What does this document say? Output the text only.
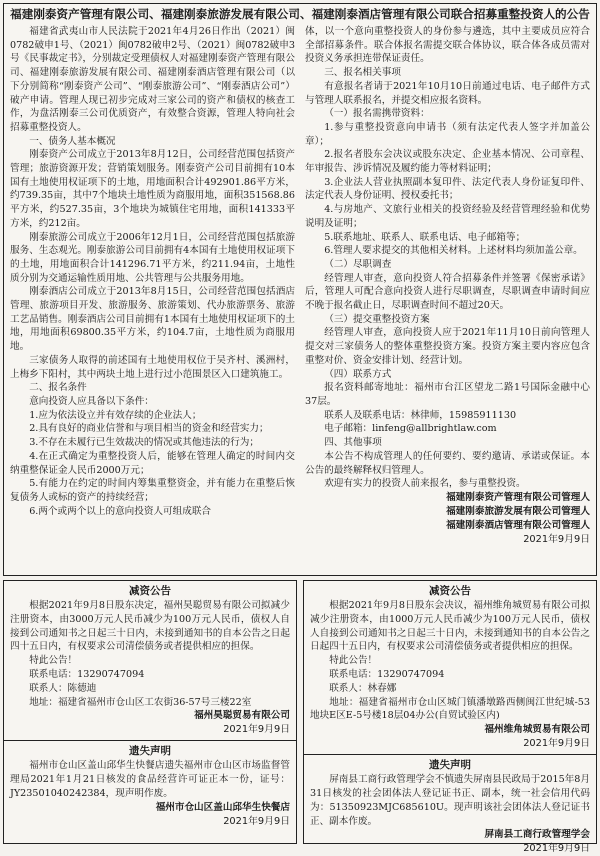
福建刚泰资产管理有限公司、福建刚泰旅游发展有限公司、福建刚泰酒店管理有限公司联合招募重整投资人的公告

福建省武夷山市人民法院于2021年4月26日作出（2021）闽0782破申1号、（2021）闽0782破申2号、（2021）闽0782破申3号《民事裁定书》，分别裁定受理债权人对福建刚泰资产管理有限公司、福建刚泰旅游发展有限公司、福建刚泰酒店管理有限公司（以下分别简称“刚泰资产公司”、“刚泰旅游公司”、“刚泰酒店公司”）破产申请。管理人现已初步完成对三家公司的资产和债权的核查工作，为盘活刚泰三公司优质资产，有效整合资源，管理人特向社会招募重整投资人。

一、债务人基本概况

刚泰资产公司成立于2013年8月12日，公司经营范围包括资产管理；旅游资源开发；营销策划服务。刚泰资产公司目前拥有10本国有土地使用权证项下的土地，用地面积合计492901.86平方米，约739.35亩，其中7个地块土地性质为商服用地，面积351568.86平方米，约527.35亩，3个地块为城镇住宅用地，面积141333平方米，约212亩。

刚泰旅游公司成立于2006年12月1日，公司经营范围包括旅游服务、生态观光。刚泰旅游公司目前拥有4本国有土地使用权证项下的土地，用地面积合计141296.71平方米，约211.94亩，土地性质分别为交通运输性质用地、公共管理与公共服务用地。

刚泰酒店公司成立于2013年8月15日，公司经营范围包括酒店管理、旅游项目开发、旅游服务、旅游策划、代办旅游票务、旅游工艺品销售。刚泰酒店公司目前拥有1本国有土地使用权证项下的土地，用地面积69800.35平方米，约104.7亩，土地性质为商服用地。

三家债务人取得的前述国有土地使用权位于吴齐村、溪洲村，上梅乡下阳村，其中两块土地上进行过小范围景区入口建筑施工。

二、报名条件

意向投资人应具备以下条件：

1.应为依法设立并有效存续的企业法人；

2.具有良好的商业信誉和与项目相当的资金和经营实力；

3.不存在未履行已生效裁决的情况或其他违法的行为；

4.在正式确定为重整投资人后，能够在管理人确定的时间内交纳重整保证金人民币2000万元；

5.有能力在约定的时间内筹集重整资金，并有能力在重整后恢复债务人或标的资产的持续经营；

6.两个或两个以上的意向投资人可组成联合

体，以一个意向重整投资人的身份参与遴选，其中主要成员应符合全部招募条件。联合体报名需提交联合体协议，联合体各成员需对投资义务承担连带保证责任。

三、报名相关事项

有意报名者请于2021年10月10日前通过电话、电子邮件方式与管理人联系报名，并提交相应报名资料。

（一）报名需携带资料：

1.参与重整投资意向申请书（须有法定代表人签字并加盖公章）；

2.报名者股东会决议或股东决定、企业基本情况、公司章程、年审报告、涉诉情况及履约能力等材料证明；

3.企业法人营业执照副本复印件、法定代表人身份证复印件、法定代表人身份证明、授权委托书；

4.与房地产、文旅行业相关的投资经验及经营管理经验和优势说明及证明；

5.联系地址、联系人、联系电话、电子邮箱等；

6.管理人要求提交的其他相关材料。上述材料均须加盖公章。

（二）尽职调查

经管理人审查，意向投资人符合招募条件并签署《保密承诺》后，管理人可配合意向投资人进行尽职调查，尽职调查申请时间应不晚于报名截止日，尽职调查时间不超过20天。

（三）提交重整投资方案

经管理人审查，意向投资人应于2021年11月10日前向管理人提交对三家债务人的整体重整投资方案。投资方案主要内容应包含重整对价、资金安排计划、经营计划。

（四）联系方式

报名资料邮寄地址：福州市台江区望龙二路1号国际金融中心37层。

联系人及联系电话：林律师，15985911130

电子邮箱：linfeng@allbrightlaw.com

四、其他事项

本公告不构成管理人的任何要约、要约邀请、承诺或保证。本公告的最终解释权归管理人。

欢迎有实力的投资人前来报名，参与重整投资。

福建刚泰资产管理有限公司管理人
福建刚泰旅游发展有限公司管理人
福建刚泰酒店管理有限公司管理人
2021年9月9日
减资公告

根据2021年9月8日股东决定，福州昊聪贸易有限公司拟减少注册资本，由3000万元人民币减少为100万元人民币，债权人自接到公司通知书之日起三十日内，未接到通知书的自本公告之日起四十五日内，有权要求公司清偿债务或者提供相应的担保。

特此公告！

联系电话：13290747094

联系人：陈德迪

地址：福建省福州市仓山区工农街36-57号三楼22室

福州昊聪贸易有限公司
2021年9月9日
遗失声明

福州市仓山区盖山邱华生快餐店遗失福州市仓山区市场监督管理局2021年1月21日核发的食品经营许可证正本一份，证号：JY23501040242384，现声明作废。

福州市仓山区盖山邱华生快餐店
2021年9月9日
减资公告

根据2021年9月8日股东会决议，福州维角城贸易有限公司拟减少注册资本，由1000万元人民币减少为100万元人民币，债权人自接到公司通知书之日起三十日内，未接到通知书的自本公告之日起四十五日内，有权要求公司清偿债务或者提供相应的担保。

特此公告！

联系电话：13290747094

联系人：林春娜

地址：福建省福州市仓山区城门镇潘墩路西侧闽江世纪城-53地块E区E-5号楼18层04办公(自贸试验区内)

福州维角城贸易有限公司
2021年9月9日
遗失声明

屏南县工商行政管理学会不慎遗失屏南县民政局于2015年8月31日核发的社会团体法人登记证书正、副本，统一社会信用代码为：51350923MJC685610U。现声明该社会团体法人登记证书正、副本作废。

屏南县工商行政管理学会
2021年9月9日
